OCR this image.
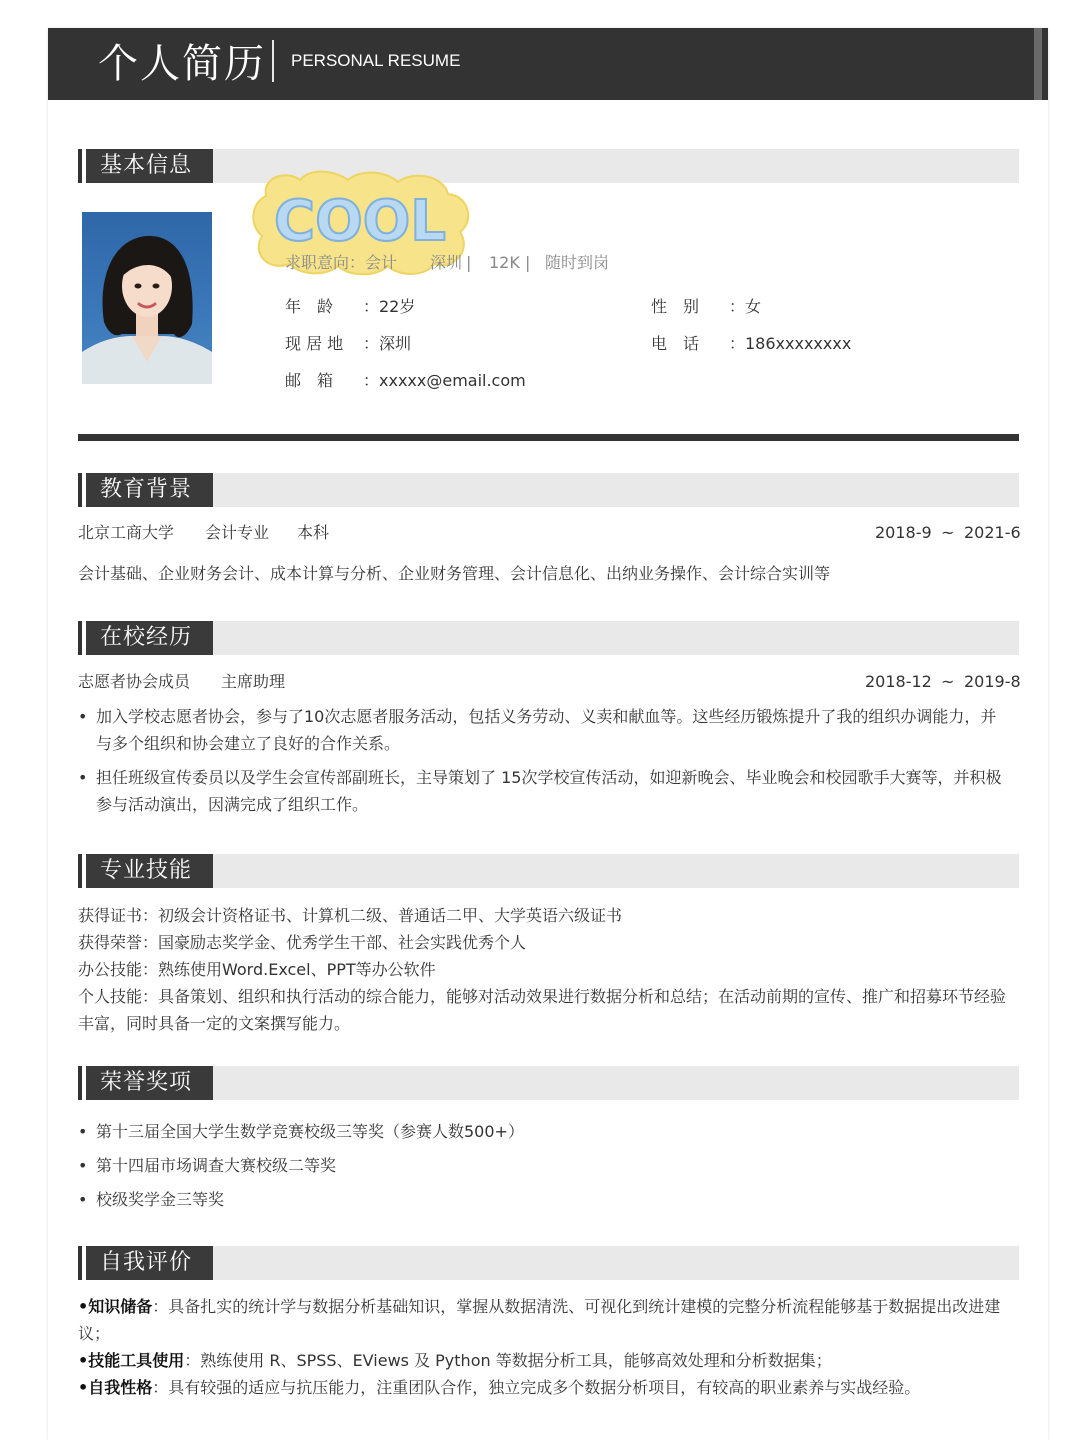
个人简历 PERSONAL RESUME
基本信息
COOL
求职意向：会计 深圳 | 12K | 随时到岗
年　龄 ：22岁	性　别 ：女
现 居 地 ：深圳	电　话 ：186xxxxxxxx
邮　箱 ：xxxxx@email.com
教育背景
北京工商大学 会计专业 本科	2018-9 ~ 2021-6
会计基础、企业财务会计、成本计算与分析、企业财务管理、会计信息化、出纳业务操作、会计综合实训等
在校经历
志愿者协会成员 主席助理	2018-12 ~ 2019-8
• 加入学校志愿者协会，参与了10次志愿者服务活动，包括义务劳动、义卖和献血等。这些经历锻炼提升了我的组织办调能力，并与多个组织和协会建立了良好的合作关系。
• 担任班级宣传委员以及学生会宣传部副班长，主导策划了 15次学校宣传活动，如迎新晚会、毕业晚会和校园歌手大赛等，并积极参与活动演出，因满完成了组织工作。
专业技能
获得证书：初级会计资格证书、计算机二级、普通话二甲、大学英语六级证书
获得荣誉：国豪励志奖学金、优秀学生干部、社会实践优秀个人
办公技能：熟练使用Word.Excel、PPT等办公软件
个人技能：具备策划、组织和执行活动的综合能力，能够对活动效果进行数据分析和总结；在活动前期的宣传、推广和招募环节经验丰富，同时具备一定的文案撰写能力。
荣誉奖项
• 第十三届全国大学生数学竞赛校级三等奖（参赛人数500+）
• 第十四届市场调查大赛校级二等奖
• 校级奖学金三等奖
自我评价
•知识储备：具备扎实的统计学与数据分析基础知识，掌握从数据清洗、可视化到统计建模的完整分析流程能够基于数据提出改进建议；
•技能工具使用：熟练使用 R、SPSS、EViews 及 Python 等数据分析工具，能够高效处理和分析数据集；
•自我性格：具有较强的适应与抗压能力，注重团队合作，独立完成多个数据分析项目，有较高的职业素养与实战经验。
